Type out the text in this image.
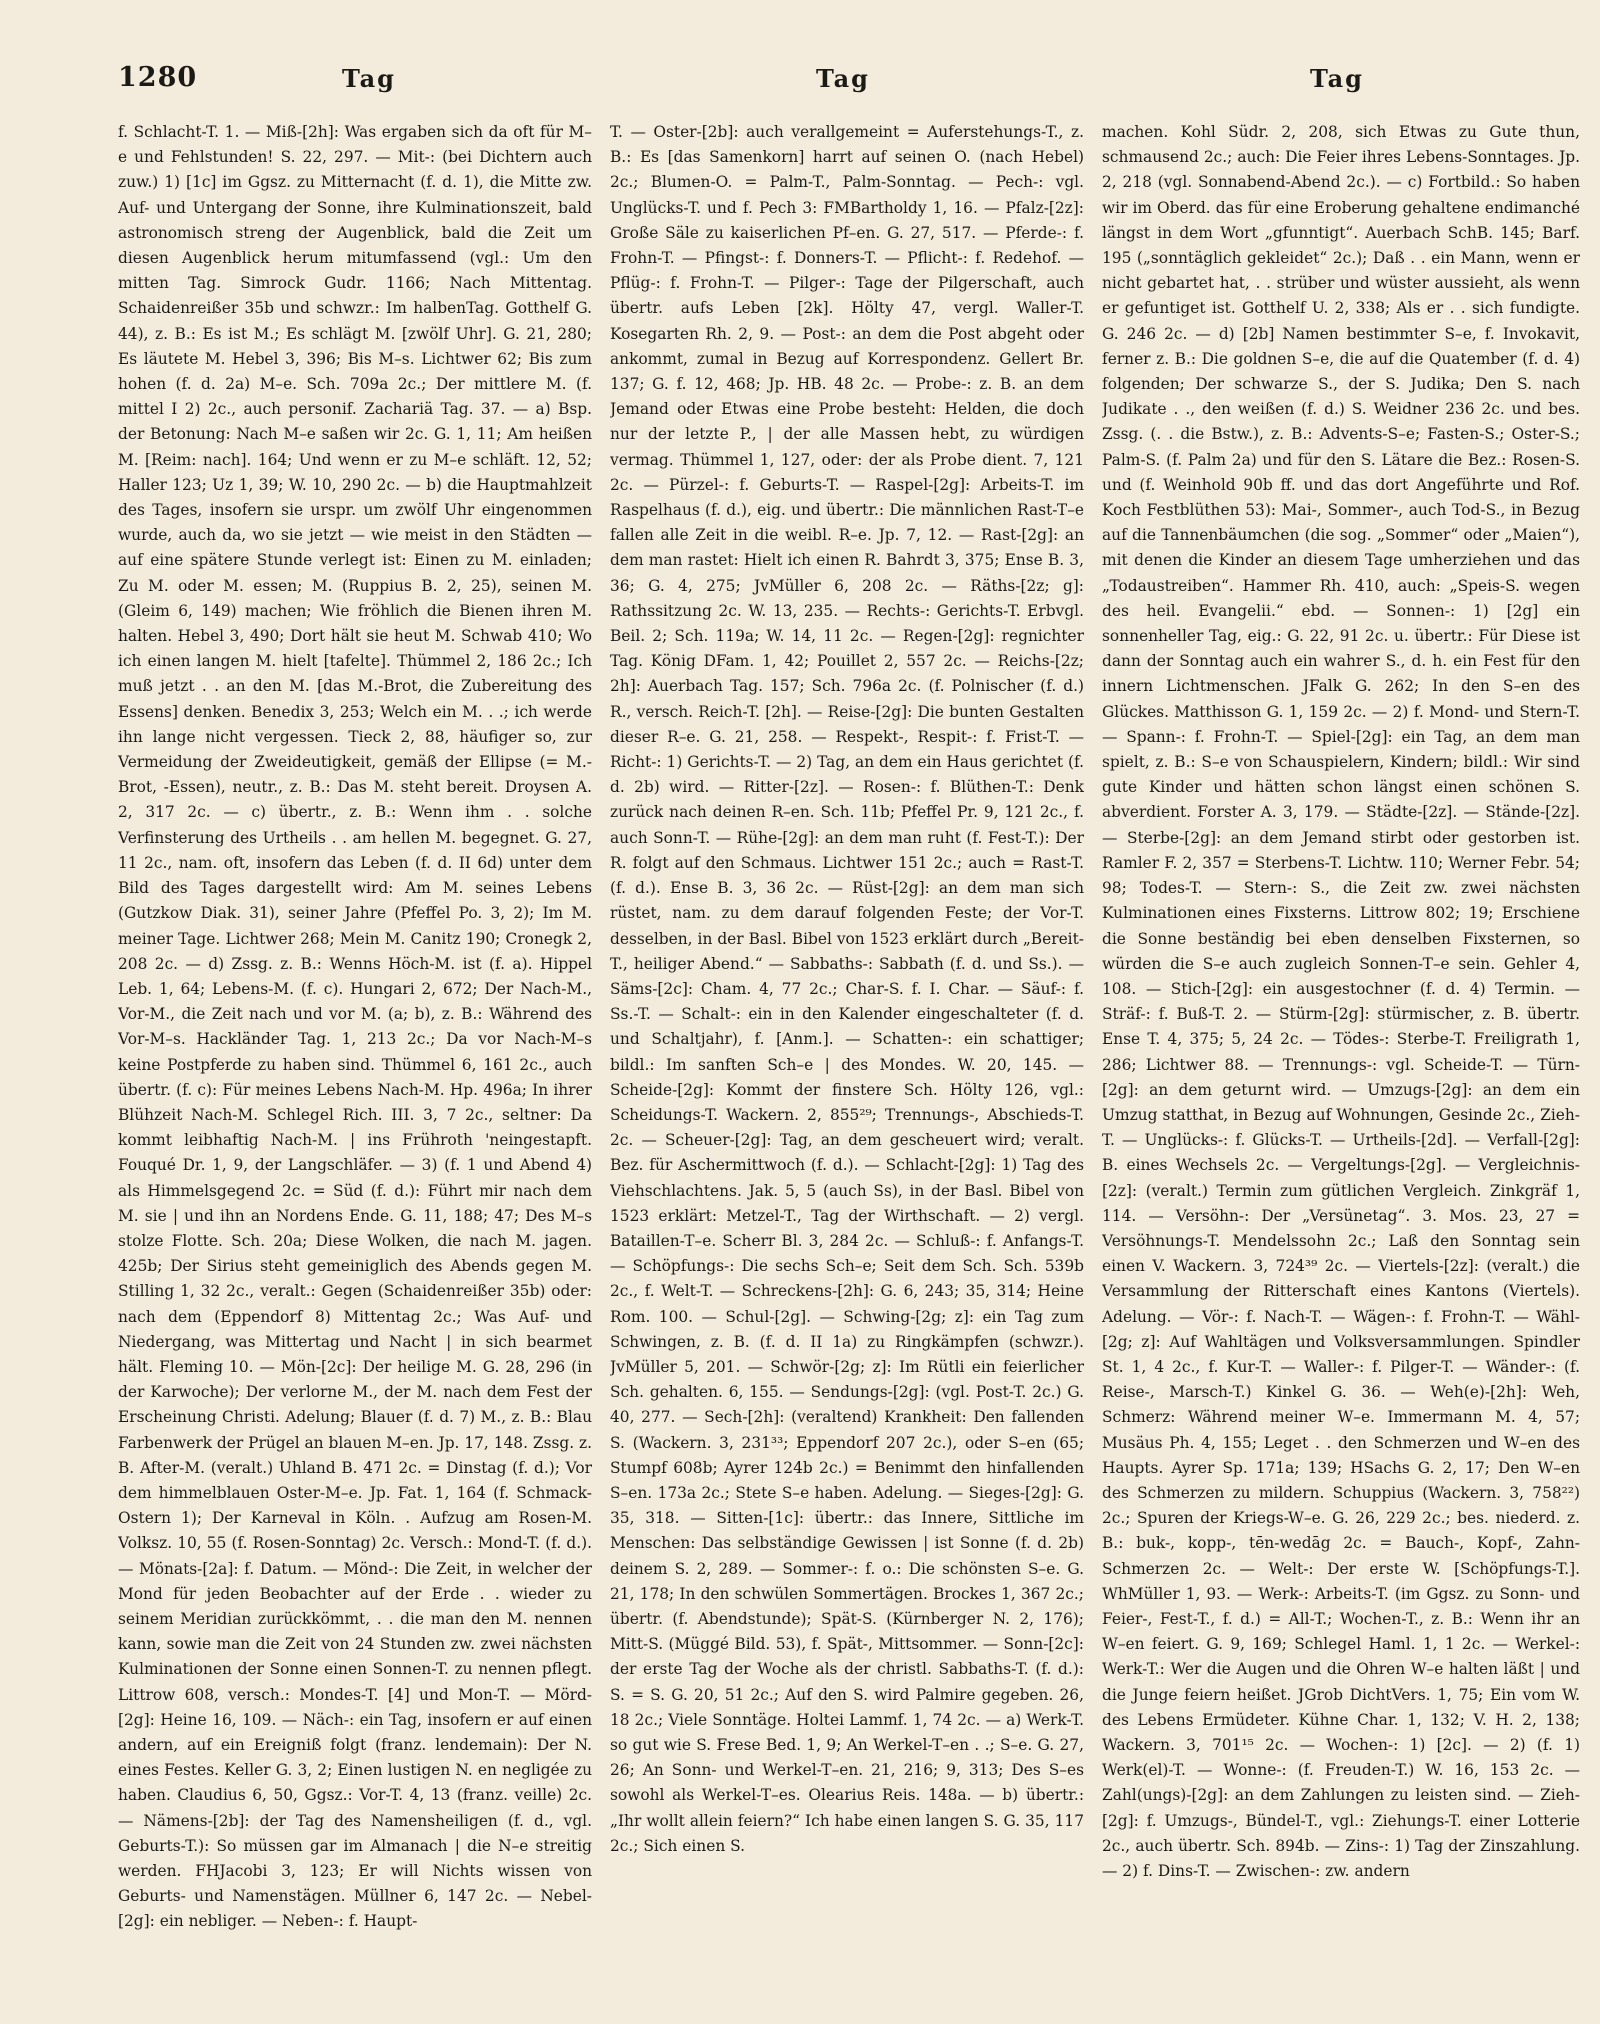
1280	Tag	Tag	Tag

f. Schlacht-T. 1. — Miß-[2h]: Was ergaben sich da oft für M–e und Fehlstunden! S. 22, 297. — Mit-: (bei Dichtern auch zuw.) 1) [1c] im Ggsz. zu Mitternacht (f. d. 1), die Mitte zw. Auf- und Untergang der Sonne, ihre Kulminationszeit, bald astronomisch streng der Augenblick, bald die Zeit um diesen Augenblick herum mitumfassend (vgl.: Um den mitten Tag. Simrock Gudr. 1166; Nach Mittentag. Schaidenreißer 35b und schwzr.: Im halbenTag. Gotthelf G. 44), z. B.: Es ist M.; Es schlägt M. [zwölf Uhr]. G. 21, 280; Es läutete M. Hebel 3, 396; Bis M–s. Lichtwer 62; Bis zum hohen (f. d. 2a) M–e. Sch. 709a 2c.; Der mittlere M. (f. mittel I 2) 2c., auch personif. Zachariä Tag. 37. — a) Bsp. der Betonung: Nach M–e saßen wir 2c. G. 1, 11; Am heißen M. [Reim: nach]. 164; Und wenn er zu M–e schläft. 12, 52; Haller 123; Uz 1, 39; W. 10, 290 2c. — b) die Hauptmahlzeit des Tages, insofern sie urspr. um zwölf Uhr eingenommen wurde, auch da, wo sie jetzt — wie meist in den Städten — auf eine spätere Stunde verlegt ist: Einen zu M. einladen; Zu M. oder M. essen; M. (Ruppius B. 2, 25), seinen M. (Gleim 6, 149) machen; Wie fröhlich die Bienen ihren M. halten. Hebel 3, 490; Dort hält sie heut M. Schwab 410; Wo ich einen langen M. hielt [tafelte]. Thümmel 2, 186 2c.; Ich muß jetzt . . an den M. [das M.-Brot, die Zubereitung des Essens] denken. Benedix 3, 253; Welch ein M. . .; ich werde ihn lange nicht vergessen. Tieck 2, 88, häufiger so, zur Vermeidung der Zweideutigkeit, gemäß der Ellipse (= M.-Brot, -Essen), neutr., z. B.: Das M. steht bereit. Droysen A. 2, 317 2c. — c) übertr., z. B.: Wenn ihm . . solche Verfinsterung des Urtheils . . am hellen M. begegnet. G. 27, 11 2c., nam. oft, insofern das Leben (f. d. II 6d) unter dem Bild des Tages dargestellt wird: Am M. seines Lebens (Gutzkow Diak. 31), seiner Jahre (Pfeffel Po. 3, 2); Im M. meiner Tage. Lichtwer 268; Mein M. Canitz 190; Cronegk 2, 208 2c. — d) Zssg. z. B.: Wenns Höch-M. ist (f. a). Hippel Leb. 1, 64; Lebens-M. (f. c). Hungari 2, 672; Der Nach-M., Vor-M., die Zeit nach und vor M. (a; b), z. B.: Während des Vor-M–s. Hackländer Tag. 1, 213 2c.; Da vor Nach-M–s keine Postpferde zu haben sind. Thümmel 6, 161 2c., auch übertr. (f. c): Für meines Lebens Nach-M. Hp. 496a; In ihrer Blühzeit Nach-M. Schlegel Rich. III. 3, 7 2c., seltner: Da kommt leibhaftig Nach-M. | ins Frühroth 'neingestapft. Fouqué Dr. 1, 9, der Langschläfer. — 3) (f. 1 und Abend 4) als Himmelsgegend 2c. = Süd (f. d.): Führt mir nach dem M. sie | und ihn an Nordens Ende. G. 11, 188; 47; Des M–s stolze Flotte. Sch. 20a; Diese Wolken, die nach M. jagen. 425b; Der Sirius steht gemeiniglich des Abends gegen M. Stilling 1, 32 2c., veralt.: Gegen (Schaidenreißer 35b) oder: nach dem (Eppendorf 8) Mittentag 2c.; Was Auf- und Niedergang, was Mittertag und Nacht | in sich bearmet hält. Fleming 10. — Mön-[2c]: Der heilige M. G. 28, 296 (in der Karwoche); Der verlorne M., der M. nach dem Fest der Erscheinung Christi. Adelung; Blauer (f. d. 7) M., z. B.: Blau Farbenwerk der Prügel an blauen M–en. Jp. 17, 148. Zssg. z. B. After-M. (veralt.) Uhland B. 471 2c. = Dinstag (f. d.); Vor dem himmelblauen Oster-M–e. Jp. Fat. 1, 164 (f. Schmack-Ostern 1); Der Karneval in Köln. . Aufzug am Rosen-M. Volksz. 10, 55 (f. Rosen-Sonntag) 2c. Versch.: Mond-T. (f. d.). — Mönats-[2a]: f. Datum. — Mönd-: Die Zeit, in welcher der Mond für jeden Beobachter auf der Erde . . wieder zu seinem Meridian zurückkömmt, . . die man den M. nennen kann, sowie man die Zeit von 24 Stunden zw. zwei nächsten Kulminationen der Sonne einen Sonnen-T. zu nennen pflegt. Littrow 608, versch.: Mondes-T. [4] und Mon-T. — Mörd-[2g]: Heine 16, 109. — Näch-: ein Tag, insofern er auf einen andern, auf ein Ereigniß folgt (franz. lendemain): Der N. eines Festes. Keller G. 3, 2; Einen lustigen N. en negligée zu haben. Claudius 6, 50, Ggsz.: Vor-T. 4, 13 (franz. veille) 2c. — Nämens-[2b]: der Tag des Namensheiligen (f. d., vgl. Geburts-T.): So müssen gar im Almanach | die N–e streitig werden. FHJacobi 3, 123; Er will Nichts wissen von Geburts- und Namenstägen. Müllner 6, 147 2c. — Nebel-[2g]: ein nebliger. — Neben-: f. Haupt-

T. — Oster-[2b]: auch verallgemeint = Auferstehungs-T., z. B.: Es [das Samenkorn] harrt auf seinen O. (nach Hebel) 2c.; Blumen-O. = Palm-T., Palm-Sonntag. — Pech-: vgl. Unglücks-T. und f. Pech 3: FMBartholdy 1, 16. — Pfalz-[2z]: Große Säle zu kaiserlichen Pf–en. G. 27, 517. — Pferde-: f. Frohn-T. — Pfingst-: f. Donners-T. — Pflicht-: f. Redehof. — Pflüg-: f. Frohn-T. — Pilger-: Tage der Pilgerschaft, auch übertr. aufs Leben [2k]. Hölty 47, vergl. Waller-T. Kosegarten Rh. 2, 9. — Post-: an dem die Post abgeht oder ankommt, zumal in Bezug auf Korrespondenz. Gellert Br. 137; G. f. 12, 468; Jp. HB. 48 2c. — Probe-: z. B. an dem Jemand oder Etwas eine Probe besteht: Helden, die doch nur der letzte P., | der alle Massen hebt, zu würdigen vermag. Thümmel 1, 127, oder: der als Probe dient. 7, 121 2c. — Pürzel-: f. Geburts-T. — Raspel-[2g]: Arbeits-T. im Raspelhaus (f. d.), eig. und übertr.: Die männlichen Rast-T–e fallen alle Zeit in die weibl. R–e. Jp. 7, 12. — Rast-[2g]: an dem man rastet: Hielt ich einen R. Bahrdt 3, 375; Ense B. 3, 36; G. 4, 275; JvMüller 6, 208 2c. — Räths-[2z; g]: Rathssitzung 2c. W. 13, 235. — Rechts-: Gerichts-T. Erbvgl. Beil. 2; Sch. 119a; W. 14, 11 2c. — Regen-[2g]: regnichter Tag. König DFam. 1, 42; Pouillet 2, 557 2c. — Reichs-[2z; 2h]: Auerbach Tag. 157; Sch. 796a 2c. (f. Polnischer (f. d.) R., versch. Reich-T. [2h]. — Reise-[2g]: Die bunten Gestalten dieser R–e. G. 21, 258. — Respekt-, Respit-: f. Frist-T. — Richt-: 1) Gerichts-T. — 2) Tag, an dem ein Haus gerichtet (f. d. 2b) wird. — Ritter-[2z]. — Rosen-: f. Blüthen-T.: Denk zurück nach deinen R–en. Sch. 11b; Pfeffel Pr. 9, 121 2c., f. auch Sonn-T. — Rühe-[2g]: an dem man ruht (f. Fest-T.): Der R. folgt auf den Schmaus. Lichtwer 151 2c.; auch = Rast-T. (f. d.). Ense B. 3, 36 2c. — Rüst-[2g]: an dem man sich rüstet, nam. zu dem darauf folgenden Feste; der Vor-T. desselben, in der Basl. Bibel von 1523 erklärt durch „Bereit-T., heiliger Abend.“ — Sabbaths-: Sabbath (f. d. und Ss.). — Säms-[2c]: Cham. 4, 77 2c.; Char-S. f. I. Char. — Säuf-: f. Ss.-T. — Schalt-: ein in den Kalender eingeschalteter (f. d. und Schaltjahr), f. [Anm.]. — Schatten-: ein schattiger; bildl.: Im sanften Sch–e | des Mondes. W. 20, 145. — Scheide-[2g]: Kommt der finstere Sch. Hölty 126, vgl.: Scheidungs-T. Wackern. 2, 855²⁹; Trennungs-, Abschieds-T. 2c. — Scheuer-[2g]: Tag, an dem gescheuert wird; veralt. Bez. für Aschermittwoch (f. d.). — Schlacht-[2g]: 1) Tag des Viehschlachtens. Jak. 5, 5 (auch Ss), in der Basl. Bibel von 1523 erklärt: Metzel-T., Tag der Wirthschaft. — 2) vergl. Bataillen-T–e. Scherr Bl. 3, 284 2c. — Schluß-: f. Anfangs-T. — Schöpfungs-: Die sechs Sch–e; Seit dem Sch. Sch. 539b 2c., f. Welt-T. — Schreckens-[2h]: G. 6, 243; 35, 314; Heine Rom. 100. — Schul-[2g]. — Schwing-[2g; z]: ein Tag zum Schwingen, z. B. (f. d. II 1a) zu Ringkämpfen (schwzr.). JvMüller 5, 201. — Schwör-[2g; z]: Im Rütli ein feierlicher Sch. gehalten. 6, 155. — Sendungs-[2g]: (vgl. Post-T. 2c.) G. 40, 277. — Sech-[2h]: (veraltend) Krankheit: Den fallenden S. (Wackern. 3, 231³³; Eppendorf 207 2c.), oder S–en (65; Stumpf 608b; Ayrer 124b 2c.) = Benimmt den hinfallenden S–en. 173a 2c.; Stete S–e haben. Adelung. — Sieges-[2g]: G. 35, 318. — Sitten-[1c]: übertr.: das Innere, Sittliche im Menschen: Das selbständige Gewissen | ist Sonne (f. d. 2b) deinem S. 2, 289. — Sommer-: f. o.: Die schönsten S–e. G. 21, 178; In den schwülen Sommertägen. Brockes 1, 367 2c.; übertr. (f. Abendstunde); Spät-S. (Kürnberger N. 2, 176); Mitt-S. (Müggé Bild. 53), f. Spät-, Mittsommer. — Sonn-[2c]: der erste Tag der Woche als der christl. Sabbaths-T. (f. d.): S. = S. G. 20, 51 2c.; Auf den S. wird Palmire gegeben. 26, 18 2c.; Viele Sonntäge. Holtei Lammf. 1, 74 2c. — a) Werk-T. so gut wie S. Frese Bed. 1, 9; An Werkel-T–en . .; S–e. G. 27, 26; An Sonn- und Werkel-T–en. 21, 216; 9, 313; Des S–es sowohl als Werkel-T–es. Olearius Reis. 148a. — b) übertr.: „Ihr wollt allein feiern?“ Ich habe einen langen S. G. 35, 117 2c.; Sich einen S.

machen. Kohl Südr. 2, 208, sich Etwas zu Gute thun, schmausend 2c.; auch: Die Feier ihres Lebens-Sonntages. Jp. 2, 218 (vgl. Sonnabend-Abend 2c.). — c) Fortbild.: So haben wir im Oberd. das für eine Eroberung gehaltene endimanché längst in dem Wort „gfunntigt“. Auerbach SchB. 145; Barf. 195 („sonntäglich gekleidet“ 2c.); Daß . . ein Mann, wenn er nicht gebartet hat, . . strüber und wüster aussieht, als wenn er gefuntiget ist. Gotthelf U. 2, 338; Als er . . sich fundigte. G. 246 2c. — d) [2b] Namen bestimmter S–e, f. Invokavit, ferner z. B.: Die goldnen S–e, die auf die Quatember (f. d. 4) folgenden; Der schwarze S., der S. Judika; Den S. nach Judikate . ., den weißen (f. d.) S. Weidner 236 2c. und bes. Zssg. (. . die Bstw.), z. B.: Advents-S–e; Fasten-S.; Oster-S.; Palm-S. (f. Palm 2a) und für den S. Lätare die Bez.: Rosen-S. und (f. Weinhold 90b ff. und das dort Angeführte und Rof. Koch Festblüthen 53): Mai-, Sommer-, auch Tod-S., in Bezug auf die Tannenbäumchen (die sog. „Sommer“ oder „Maien“), mit denen die Kinder an diesem Tage umherziehen und das „Todaustreiben“. Hammer Rh. 410, auch: „Speis-S. wegen des heil. Evangelii.“ ebd. — Sonnen-: 1) [2g] ein sonnenheller Tag, eig.: G. 22, 91 2c. u. übertr.: Für Diese ist dann der Sonntag auch ein wahrer S., d. h. ein Fest für den innern Lichtmenschen. JFalk G. 262; In den S–en des Glückes. Matthisson G. 1, 159 2c. — 2) f. Mond- und Stern-T. — Spann-: f. Frohn-T. — Spiel-[2g]: ein Tag, an dem man spielt, z. B.: S–e von Schauspielern, Kindern; bildl.: Wir sind gute Kinder und hätten schon längst einen schönen S. abverdient. Forster A. 3, 179. — Städte-[2z]. — Stände-[2z]. — Sterbe-[2g]: an dem Jemand stirbt oder gestorben ist. Ramler F. 2, 357 = Sterbens-T. Lichtw. 110; Werner Febr. 54; 98; Todes-T. — Stern-: S., die Zeit zw. zwei nächsten Kulminationen eines Fixsterns. Littrow 802; 19; Erschiene die Sonne beständig bei eben denselben Fixsternen, so würden die S–e auch zugleich Sonnen-T–e sein. Gehler 4, 108. — Stich-[2g]: ein ausgestochner (f. d. 4) Termin. — Sträf-: f. Buß-T. 2. — Stürm-[2g]: stürmischer, z. B. übertr. Ense T. 4, 375; 5, 24 2c. — Tödes-: Sterbe-T. Freiligrath 1, 286; Lichtwer 88. — Trennungs-: vgl. Scheide-T. — Türn-[2g]: an dem geturnt wird. — Umzugs-[2g]: an dem ein Umzug statthat, in Bezug auf Wohnungen, Gesinde 2c., Zieh-T. — Unglücks-: f. Glücks-T. — Urtheils-[2d]. — Verfall-[2g]: B. eines Wechsels 2c. — Vergeltungs-[2g]. — Vergleichnis-[2z]: (veralt.) Termin zum gütlichen Vergleich. Zinkgräf 1, 114. — Versöhn-: Der „Versünetag“. 3. Mos. 23, 27 = Versöhnungs-T. Mendelssohn 2c.; Laß den Sonntag sein einen V. Wackern. 3, 724³⁹ 2c. — Viertels-[2z]: (veralt.) die Versammlung der Ritterschaft eines Kantons (Viertels). Adelung. — Vör-: f. Nach-T. — Wägen-: f. Frohn-T. — Wähl-[2g; z]: Auf Wahltägen und Volksversammlungen. Spindler St. 1, 4 2c., f. Kur-T. — Waller-: f. Pilger-T. — Wänder-: (f. Reise-, Marsch-T.) Kinkel G. 36. — Weh(e)-[2h]: Weh, Schmerz: Während meiner W–e. Immermann M. 4, 57; Musäus Ph. 4, 155; Leget . . den Schmerzen und W–en des Haupts. Ayrer Sp. 171a; 139; HSachs G. 2, 17; Den W–en des Schmerzen zu mildern. Schuppius (Wackern. 3, 758²²) 2c.; Spuren der Kriegs-W–e. G. 26, 229 2c.; bes. niederd. z. B.: buk-, kopp-, tēn-wedāg 2c. = Bauch-, Kopf-, Zahn-Schmerzen 2c. — Welt-: Der erste W. [Schöpfungs-T.]. WhMüller 1, 93. — Werk-: Arbeits-T. (im Ggsz. zu Sonn- und Feier-, Fest-T., f. d.) = All-T.; Wochen-T., z. B.: Wenn ihr an W–en feiert. G. 9, 169; Schlegel Haml. 1, 1 2c. — Werkel-: Werk-T.: Wer die Augen und die Ohren W–e halten läßt | und die Junge feiern heißet. JGrob DichtVers. 1, 75; Ein vom W. des Lebens Ermüdeter. Kühne Char. 1, 132; V. H. 2, 138; Wackern. 3, 701¹⁵ 2c. — Wochen-: 1) [2c]. — 2) (f. 1) Werk(el)-T. — Wonne-: (f. Freuden-T.) W. 16, 153 2c. — Zahl(ungs)-[2g]: an dem Zahlungen zu leisten sind. — Zieh-[2g]: f. Umzugs-, Bündel-T., vgl.: Ziehungs-T. einer Lotterie 2c., auch übertr. Sch. 894b. — Zins-: 1) Tag der Zinszahlung. — 2) f. Dins-T. — Zwischen-: zw. andern
